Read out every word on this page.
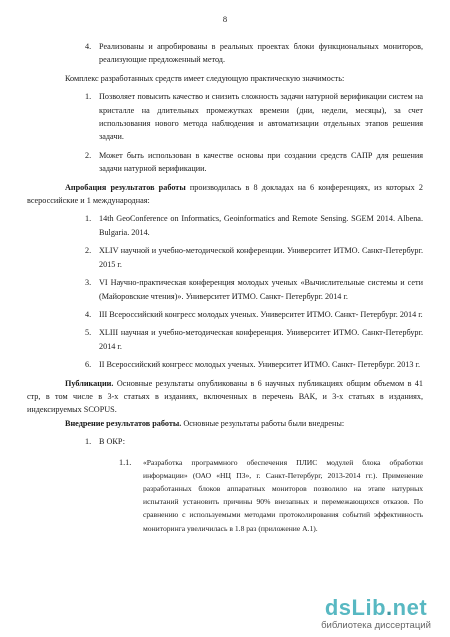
8
4. Реализованы и апробированы в реальных проектах блоки функциональных мониторов, реализующие предложенный метод.
Комплекс разработанных средств имеет следующую практическую значимость:
1. Позволяет повысить качество и снизить сложность задачи натурной верификации систем на кристалле на длительных промежутках времени (дни, недели, месяцы), за счет использования нового метода наблюдения и автоматизации отдельных этапов решения задачи.
2. Может быть использован в качестве основы при создании средств САПР для решения задачи натурной верификации.
Апробация результатов работы производилась в 8 докладах на 6 конференциях, из которых 2 всероссийские и 1 международная:
1. 14th GeoConference on Informatics, Geoinformatics and Remote Sensing. SGEM 2014. Albena. Bulgaria. 2014.
2. XLIV научной и учебно-методической конференции. Университет ИТМО. Санкт-Петербург. 2015 г.
3. VI Научно-практическая конференция молодых ученых «Вычислительные системы и сети (Майоровские чтения)». Университет ИТМО. Санкт- Петербург. 2014 г.
4. III Всероссийский конгресс молодых ученых. Университет ИТМО. Санкт- Петербург. 2014 г.
5. XLIII научная и учебно-методическая конференция. Университет ИТМО. Санкт-Петербург. 2014 г.
6. II Всероссийский конгресс молодых ученых. Университет ИТМО. Санкт- Петербург. 2013 г.
Публикации. Основные результаты опубликованы в 6 научных публикациях общим объемом в 41 стр, в том числе в 3-х статьях в изданиях, включенных в перечень ВАК, и 3-х статьях в изданиях, индексируемых SCOPUS.
Внедрение результатов работы. Основные результаты работы были внедрены:
1. В ОКР:
1.1.	«Разработка программного обеспечения ПЛИС модулей блока обработки информации» (ОАО «НЦ ПЗ», г. Санкт-Петербург, 2013-2014 гг.). Применение разработанных блоков аппаратных мониторов позволило на этапе натурных испытаний установить причины 90% внезапных и перемежающихся отказов. По сравнению с используемыми методами протоколирования событий эффективность мониторинга увеличилась в 1.8 раз (приложение А.1).
dsLib.net
библиотека диссертаций
